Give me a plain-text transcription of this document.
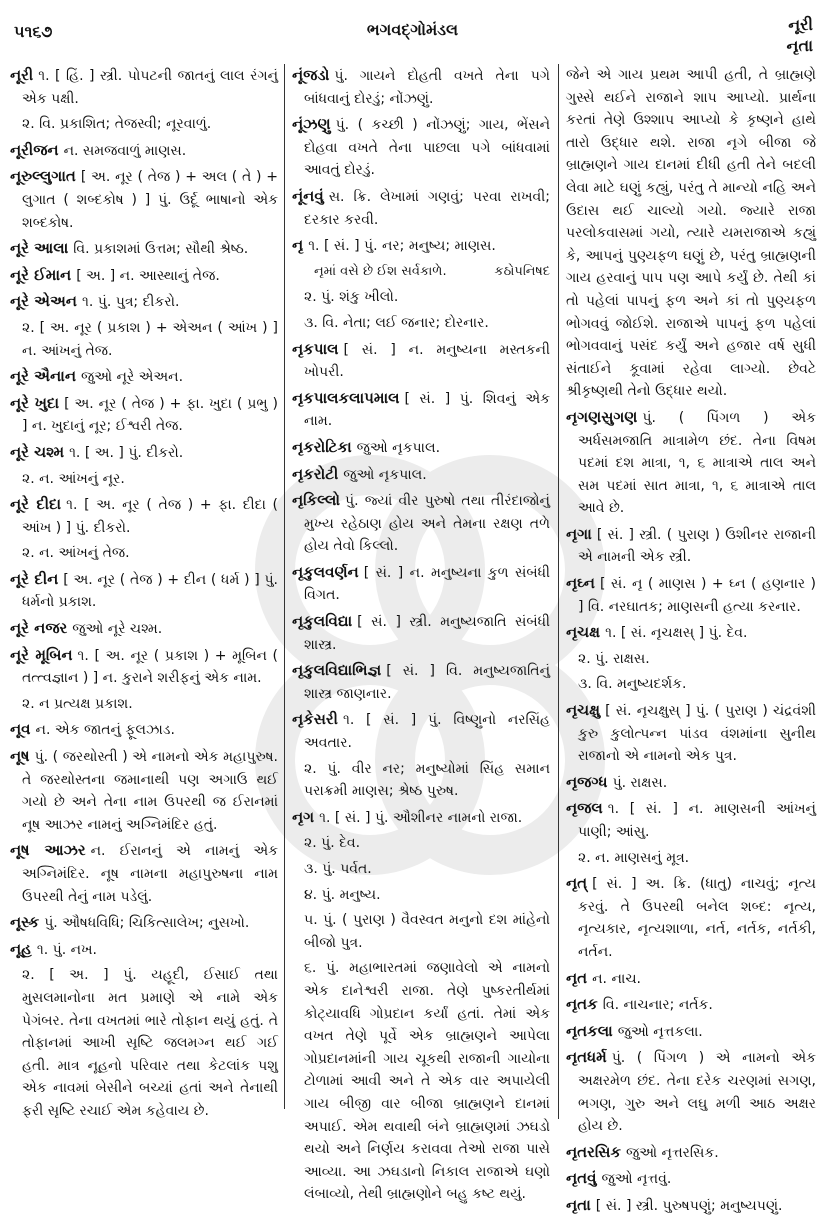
૫૧૬૭	ભગવદ્ગોમંડલ	નૂરી
નૃતા
નૂરી ૧. [ હિં. ] સ્ત્રી. પોપટની જાતનું લાલ રંગનું એક પક્ષી.
૨. વિ. પ્રકાશિત; તેજસ્વી; નૂરવાળું.
નૂરીજન ન. સમજવાળું માણસ.
નૂરુલ્લુગાત [ અ. નૂર ( તેજ ) + અલ ( તે ) + લુગાત ( શબ્દકોષ ) ] પું. ઉર્દૂ ભાષાનો એક શબ્દકોષ.
નૂરે આલા વિ. પ્રકાશમાં ઉત્તમ; સૌથી શ્રેષ્ઠ.
નૂરે ઈમાન [ અ. ] ન. આસ્થાનું તેજ.
નૂરે એઅન ૧. પું. પુત્ર; દીકરો.
૨. [ અ. નૂર ( પ્રકાશ ) + એઅન ( આંખ ) ] ન. આંખનું તેજ.
નૂરે ઐનાન જુઓ નૂરે એઅન.
નૂરે ખુદા [ અ. નૂર ( તેજ ) + ફા. ખુદા ( પ્રભુ ) ] ન. ખુદાનું નૂર; ઈશ્વરી તેજ.
નૂરે ચશ્મ ૧. [ અ. ] પું. દીકરો.
૨. ન. આંખનું નૂર.
નૂરે દીદા ૧. [ અ. નૂર ( તેજ ) + ફા. દીદા ( આંખ ) ] પું. દીકરો.
૨. ન. આંખનું તેજ.
નૂરે દીન [ અ. નૂર ( તેજ ) + દીન ( ધર્મ ) ] પું. ધર્મનો પ્રકાશ.
નૂરે નજર જુઓ નૂરે ચશ્મ.
નૂરે મૂબિન ૧. [ અ. નૂર ( પ્રકાશ ) + મૂબિન ( તત્ત્વજ્ઞાન ) ] ન. કુરાને શરીફનું એક નામ.
૨. ન પ્રત્યક્ષ પ્રકાશ.
નૂવ ન. એક જાતનું ફૂલઝાડ.
નૂષ પું. ( જરથોસ્તી ) એ નામનો એક મહાપુરુષ. તે જરથોસ્તના જમાનાથી પણ અગાઉ થઈ ગયો છે અને તેના નામ ઉપરથી જ ઈરાનમાં નૂષ આઝર નામનું અગ્નિમંદિર હતું.
નૂષ આઝર ન. ઈરાનનું એ નામનું એક અગ્નિમંદિર. નૂષ નામના મહાપુરુષના નામ ઉપરથી તેનું નામ પડેલું.
નૂસ્ક પું. ઔષધવિધિ; ચિકિત્સાલેખ; નુસખો.
નૂહ ૧. પું. નખ.
૨. [ અ. ] પું. યહૂદી, ઈસાઈ તથા મુસલમાનોના મત પ્રમાણે એ નામે એક પેગંબર. તેના વખતમાં ભારે તોફાન થયું હતું. તે તોફાનમાં આખી સૃષ્ટિ જલમગ્ન થઈ ગઈ હતી. માત્ર નૂહનો પરિવાર તથા કેટલાંક પશુ એક નાવમાં બેસીને બચ્યાં હતાં અને તેનાથી ફરી સૃષ્ટિ રચાઈ એમ કહેવાય છે.
નૂંજડો પું. ગાયને દોહતી વખતે તેના પગે બાંધવાનું દોરડું; નોંઝણું.
નૂંઝણુ પું. ( કચ્છી ) નોંઝણું; ગાય, ભેંસને દોહવા વખતે તેના પાછલા પગે બાંધવામાં આવતું દોરડું.
નૂંનવું સ. ક્રિ. લેખામાં ગણવું; પરવા રાખવી; દરકાર કરવી.
નૃ ૧. [ સં. ] પું. નર; મનુષ્ય; માણસ.
નૃમાં વસે છે ઈશ સર્વકાળે.	કઠોપનિષદ
૨. પું. શંકુ ખીલો.
૩. વિ. નેતા; લઈ જનાર; દોરનાર.
નૃકપાલ [ સં. ] ન. મનુષ્યના મસ્તકની ખોપરી.
નૃકપાલકલાપમાલ [ સં. ] પું. શિવનું એક નામ.
નૃકરોટિકા જુઓ નૃકપાલ.
નૃકરોટી જુઓ નૃકપાલ.
નૃકિલ્લો પું. જ્યાં વીર પુરુષો તથા તીરંદાજોનું મુખ્ય રહેઠાણ હોય અને તેમના રક્ષણ તળે હોય તેવો કિલ્લો.
નૃકુલવર્ણન [ સં. ] ન. મનુષ્યના કુળ સંબંધી વિગત.
નૃકુલવિદ્યા [ સં. ] સ્ત્રી. મનુષ્યજાતિ સંબંધી શાસ્ત્ર.
નૃકુલવિદ્યાભિજ્ઞ [ સં. ] વિ. મનુષ્યજાતિનું શાસ્ત્ર જાણનાર.
નૃકેસરી ૧. [ સં. ] પું. વિષ્ણુનો નરસિંહ અવતાર.
૨. પું. વીર નર; મનુષ્યોમાં સિંહ સમાન પરાક્રમી માણસ; શ્રેષ્ઠ પુરુષ.
નૃગ ૧. [ સં. ] પું. ઔશીનર નામનો રાજા.
૨. પું. દેવ.
૩. પું. પર્વત.
૪. પું. મનુષ્ય.
૫. પું. ( પુરાણ ) વૈવસ્વત મનુનો દશ માંહેનો બીજો પુત્ર.
૬. પું. મહાભારતમાં જણાવેલો એ નામનો એક દાનેશ્વરી રાજા. તેણે પુષ્કરતીર્થમાં કોટ્યાવધિ ગોપ્રદાન કર્યાં હતાં. તેમાં એક વખત તેણે પૂર્વે એક બ્રાહ્મણને આપેલા ગોપ્રદાનમાંની ગાય ચૂકથી રાજાની ગાયોના ટોળામાં આવી અને તે એક વાર અપાયેલી ગાય બીજી વાર બીજા બ્રાહ્મણને દાનમાં અપાઈ. એમ થવાથી બંને બ્રાહ્મણમાં ઝઘડો થયો અને નિર્ણય કરાવવા તેઓ રાજા પાસે આવ્યા. આ ઝઘડાનો નિકાલ રાજાએ ઘણો લંબાવ્યો, તેથી બ્રાહ્મણોને બહુ કષ્ટ થયું.
જેને એ ગાય પ્રથમ આપી હતી, તે બ્રાહ્મણે ગુસ્સે થઈને રાજાને શાપ આપ્યો. પ્રાર્થના કરતાં તેણે ઉશ્શાપ આપ્યો કે કૃષ્ણને હાથે તારો ઉદ્ધાર થશે. રાજા નૃગે બીજા જે બ્રાહ્મણને ગાય દાનમાં દીધી હતી તેને બદલી લેવા માટે ઘણું કહ્યું, પરંતુ તે માન્યો નહિ અને ઉદાસ થઈ ચાલ્યો ગયો. જ્યારે રાજા પરલોકવાસમાં ગયો, ત્યારે યમરાજાએ કહ્યું કે, આપનું પુણ્યફળ ઘણું છે, પરંતુ બ્રાહ્મણની ગાય હરવાનું પાપ પણ આપે કર્યું છે. તેથી કાં તો પહેલાં પાપનું ફળ અને કાં તો પુણ્યફળ ભોગવવું જોઈશે. રાજાએ પાપનું ફળ પહેલાં ભોગવવાનું પસંદ કર્યું અને હજાર વર્ષ સુધી સંતાઈને કૂવામાં રહેવા લાગ્યો. છેવટે શ્રીકૃષ્ણથી તેનો ઉદ્ધાર થયો.
નૃગણસુગણ પું. ( પિંગળ ) એક અર્ધસમજાતિ માત્રામેળ છંદ. તેના વિષમ પદમાં દશ માત્રા, ૧, ૬ માત્રાએ તાલ અને સમ પદમાં સાત માત્રા, ૧, ૬ માત્રાએ તાલ આવે છે.
નૃગા [ સં. ] સ્ત્રી. ( પુરાણ ) ઉશીનર રાજાની એ નામની એક સ્ત્રી.
નૃઘ્ન [ સં. નૃ ( માણસ ) + ઘ્ન ( હણનાર ) ] વિ. નરઘાતક; માણસની હત્યા કરનાર.
નૃચક્ષ ૧. [ સં. નૃચક્ષસ્ ] પું. દેવ.
૨. પું. રાક્ષસ.
૩. વિ. મનુષ્યદર્શક.
નૃચક્ષુ [ સં. નૃચક્ષુસ્ ] પું. ( પુરાણ ) ચંદ્રવંશી કુરુ કુલોત્પન્ન પાંડવ વંશમાંના સુનીથ રાજાનો એ નામનો એક પુત્ર.
નૃજગ્ધ પું. રાક્ષસ.
નૃજલ ૧. [ સં. ] ન. માણસની આંખનું પાણી; આંસુ.
૨. ન. માણસનું મૂત્ર.
નૃત્ [ સં. ] અ. ક્રિ. (ધાતુ) નાચવું; નૃત્ય કરવું. તે ઉપરથી બનેલ શબ્દ: નૃત્ય, નૃત્યકાર, નૃત્યશાળા, નર્ત, નર્તક, નર્તકી, નર્તન.
નૃત ન. નાચ.
નૃતક વિ. નાચનાર; નર્તક.
નૃતકલા જુઓ નૃત્તકલા.
નૃતધર્મ પું. ( પિંગળ ) એ નામનો એક અક્ષરમેળ છંદ. તેના દરેક ચરણમાં સગણ, ભગણ, ગુરુ અને લઘુ મળી આઠ અક્ષર હોય છે.
નૃતરસિક જુઓ નૃત્તરસિક.
નૃતવું જુઓ નૃત્તવું.
નૃતા [ સં. ] સ્ત્રી. પુરુષપણું; મનુષ્યપણું.
